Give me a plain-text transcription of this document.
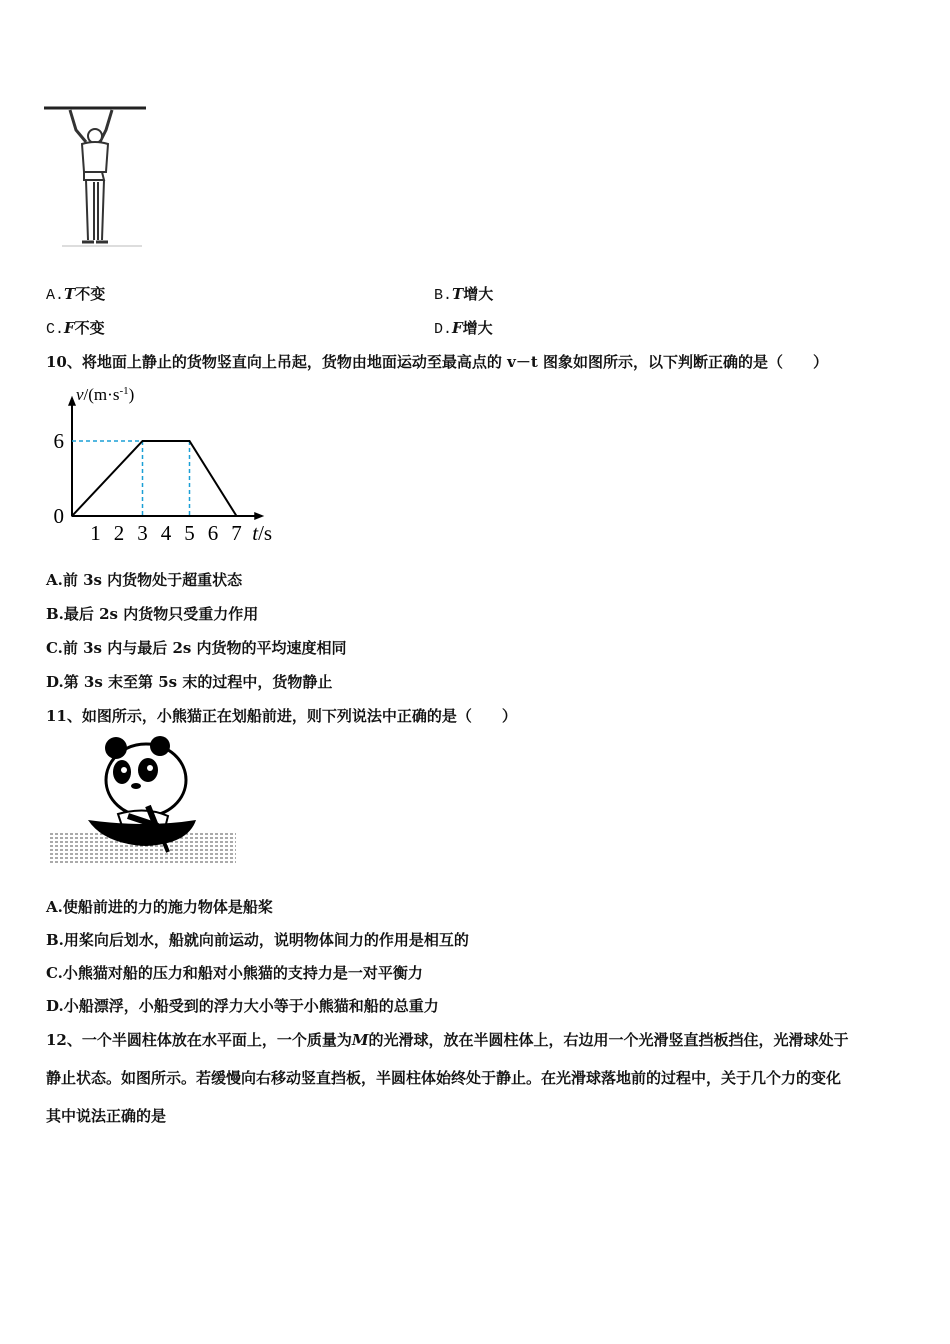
A.T不变	B.T增大
C.F不变	D.F增大
10、将地面上静止的货物竖直向上吊起，货物由地面运动至最高点的 v－t 图象如图所示，以下判断正确的是（　　）
1 2 3 4 5 6 7
0
6
t/s
$v/(m\cdot s^{-1})$
A.前 3s 内货物处于超重状态
B.最后 2s 内货物只受重力作用
C.前 3s 内与最后 2s 内货物的平均速度相同
D.第 3s 末至第 5s 末的过程中，货物静止
11、如图所示，小熊猫正在划船前进，则下列说法中正确的是（　　）
A.使船前进的力的施力物体是船桨
B.用桨向后划水，船就向前运动，说明物体间力的作用是相互的
C.小熊猫对船的压力和船对小熊猫的支持力是一对平衡力
D.小船漂浮，小船受到的浮力大小等于小熊猫和船的总重力
12、一个半圆柱体放在水平面上，一个质量为M的光滑球，放在半圆柱体上，右边用一个光滑竖直挡板挡住，光滑球处于
静止状态。如图所示。若缓慢向右移动竖直挡板，半圆柱体始终处于静止。在光滑球落地前的过程中，关于几个力的变化
其中说法正确的是
